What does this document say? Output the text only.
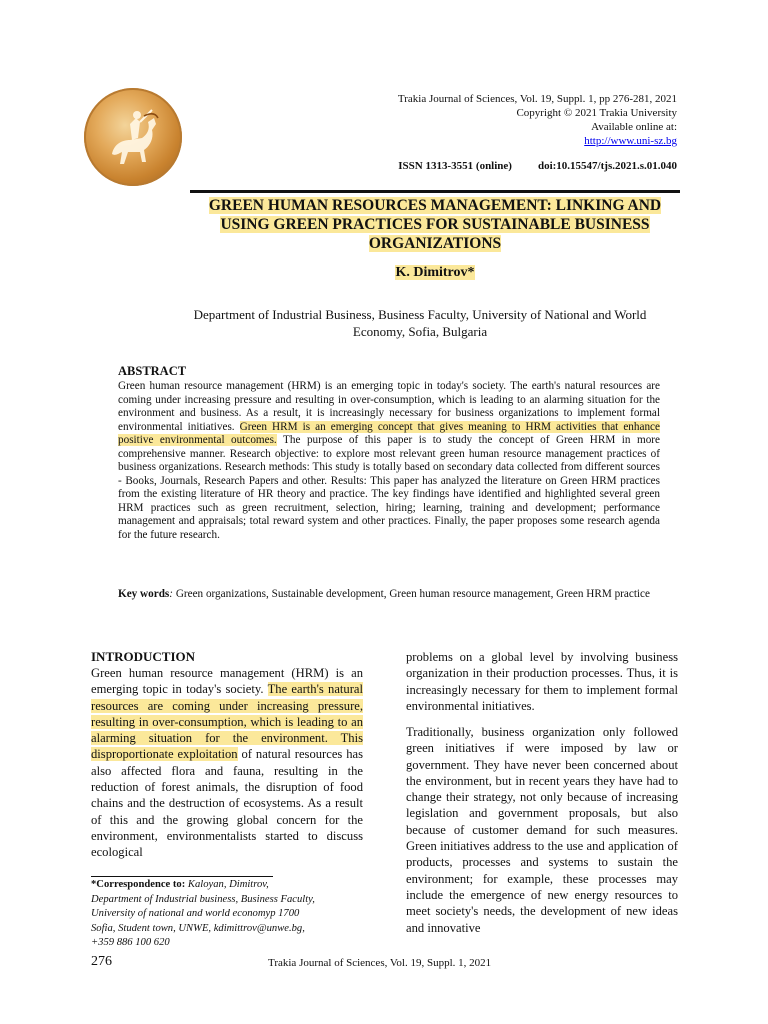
Trakia Journal of Sciences, Vol. 19, Suppl. 1, pp 276-281, 2021
Copyright © 2021 Trakia University
Available online at:
http://www.uni-sz.bg
ISSN 1313-3551 (online) doi:10.15547/tjs.2021.s.01.040
GREEN HUMAN RESOURCES MANAGEMENT: LINKING AND USING GREEN PRACTICES FOR SUSTAINABLE BUSINESS ORGANIZATIONS
K. Dimitrov*
Department of Industrial Business, Business Faculty, University of National and World Economy, Sofia, Bulgaria
ABSTRACT
Green human resource management (HRM) is an emerging topic in today's society. The earth's natural resources are coming under increasing pressure and resulting in over-consumption, which is leading to an alarming situation for the environment and business. As a result, it is increasingly necessary for business organizations to implement formal environmental initiatives. Green HRM is an emerging concept that gives meaning to HRM activities that enhance positive environmental outcomes. The purpose of this paper is to study the concept of Green HRM in more comprehensive manner. Research objective: to explore most relevant green human resource management practices of business organizations. Research methods: This study is totally based on secondary data collected from different sources - Books, Journals, Research Papers and other. Results: This paper has analyzed the literature on Green HRM practices from the existing literature of HR theory and practice. The key findings have identified and highlighted several green HRM practices such as green recruitment, selection, hiring; learning, training and development; performance management and appraisals; total reward system and other practices. Finally, the paper proposes some research agenda for the future research.
Key words: Green organizations, Sustainable development, Green human resource management, Green HRM practice
INTRODUCTION
Green human resource management (HRM) is an emerging topic in today's society. The earth's natural resources are coming under increasing pressure, resulting in over-consumption, which is leading to an alarming situation for the environment. This disproportionate exploitation of natural resources has also affected flora and fauna, resulting in the reduction of forest animals, the disruption of food chains and the destruction of ecosystems. As a result of this and the growing global concern for the environment, environmentalists started to discuss ecological
problems on a global level by involving business organization in their production processes. Thus, it is increasingly necessary for them to implement formal environmental initiatives.
Traditionally, business organization only followed green initiatives if were imposed by law or government. They have never been concerned about the environment, but in recent years they have had to change their strategy, not only because of increasing legislation and government proposals, but also because of customer demand for such measures. Green initiatives address to the use and application of products, processes and systems to sustain the environment; for example, these processes may include the emergence of new energy resources to meet society's needs, the development of new ideas and innovative
*Correspondence to: Kaloyan, Dimitrov,
Department of Industrial business, Business Faculty,
University of national and world economyp 1700
Sofia, Student town, UNWE, kdimittrov@unwe.bg,
+359 886 100 620
276	Trakia Journal of Sciences, Vol. 19, Suppl. 1, 2021
